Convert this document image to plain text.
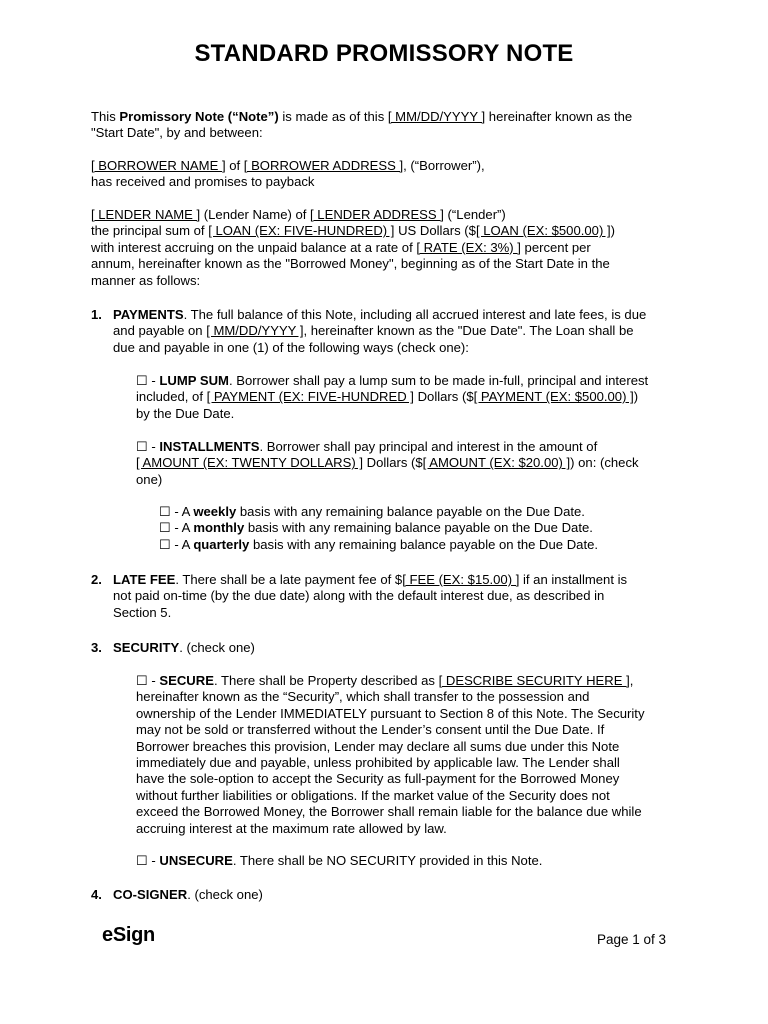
STANDARD PROMISSORY NOTE
This Promissory Note (“Note”) is made as of this [ MM/DD/YYYY ] hereinafter known as the
"Start Date", by and between:
[ BORROWER NAME ] of [ BORROWER ADDRESS ], (“Borrower”),
has received and promises to payback
[ LENDER NAME ] (Lender Name) of [ LENDER ADDRESS ] (“Lender”)
the principal sum of [ LOAN (EX: FIVE-HUNDRED) ] US Dollars ($[ LOAN (EX: $500.00) ])
with interest accruing on the unpaid balance at a rate of [ RATE (EX: 3%) ] percent per
annum, hereinafter known as the "Borrowed Money", beginning as of the Start Date in the
manner as follows:
1. PAYMENTS. The full balance of this Note, including all accrued interest and late fees, is due
and payable on [ MM/DD/YYYY ], hereinafter known as the "Due Date". The Loan shall be
due and payable in one (1) of the following ways (check one):
☐ - LUMP SUM. Borrower shall pay a lump sum to be made in-full, principal and interest
included, of [ PAYMENT (EX: FIVE-HUNDRED ] Dollars ($[ PAYMENT (EX: $500.00) ])
by the Due Date.
☐ - INSTALLMENTS. Borrower shall pay principal and interest in the amount of
[ AMOUNT (EX: TWENTY DOLLARS) ] Dollars ($[ AMOUNT (EX: $20.00) ]) on: (check
one)
☐ - A weekly basis with any remaining balance payable on the Due Date.
☐ - A monthly basis with any remaining balance payable on the Due Date.
☐ - A quarterly basis with any remaining balance payable on the Due Date.
2. LATE FEE. There shall be a late payment fee of $[ FEE (EX: $15.00) ] if an installment is
not paid on-time (by the due date) along with the default interest due, as described in
Section 5.
3. SECURITY. (check one)
☐ - SECURE. There shall be Property described as [ DESCRIBE SECURITY HERE ],
hereinafter known as the “Security”, which shall transfer to the possession and
ownership of the Lender IMMEDIATELY pursuant to Section 8 of this Note. The Security
may not be sold or transferred without the Lender’s consent until the Due Date. If
Borrower breaches this provision, Lender may declare all sums due under this Note
immediately due and payable, unless prohibited by applicable law. The Lender shall
have the sole-option to accept the Security as full-payment for the Borrowed Money
without further liabilities or obligations. If the market value of the Security does not
exceed the Borrowed Money, the Borrower shall remain liable for the balance due while
accruing interest at the maximum rate allowed by law.
☐ - UNSECURE. There shall be NO SECURITY provided in this Note.
4. CO-SIGNER. (check one)
eSign	Page 1 of 3
